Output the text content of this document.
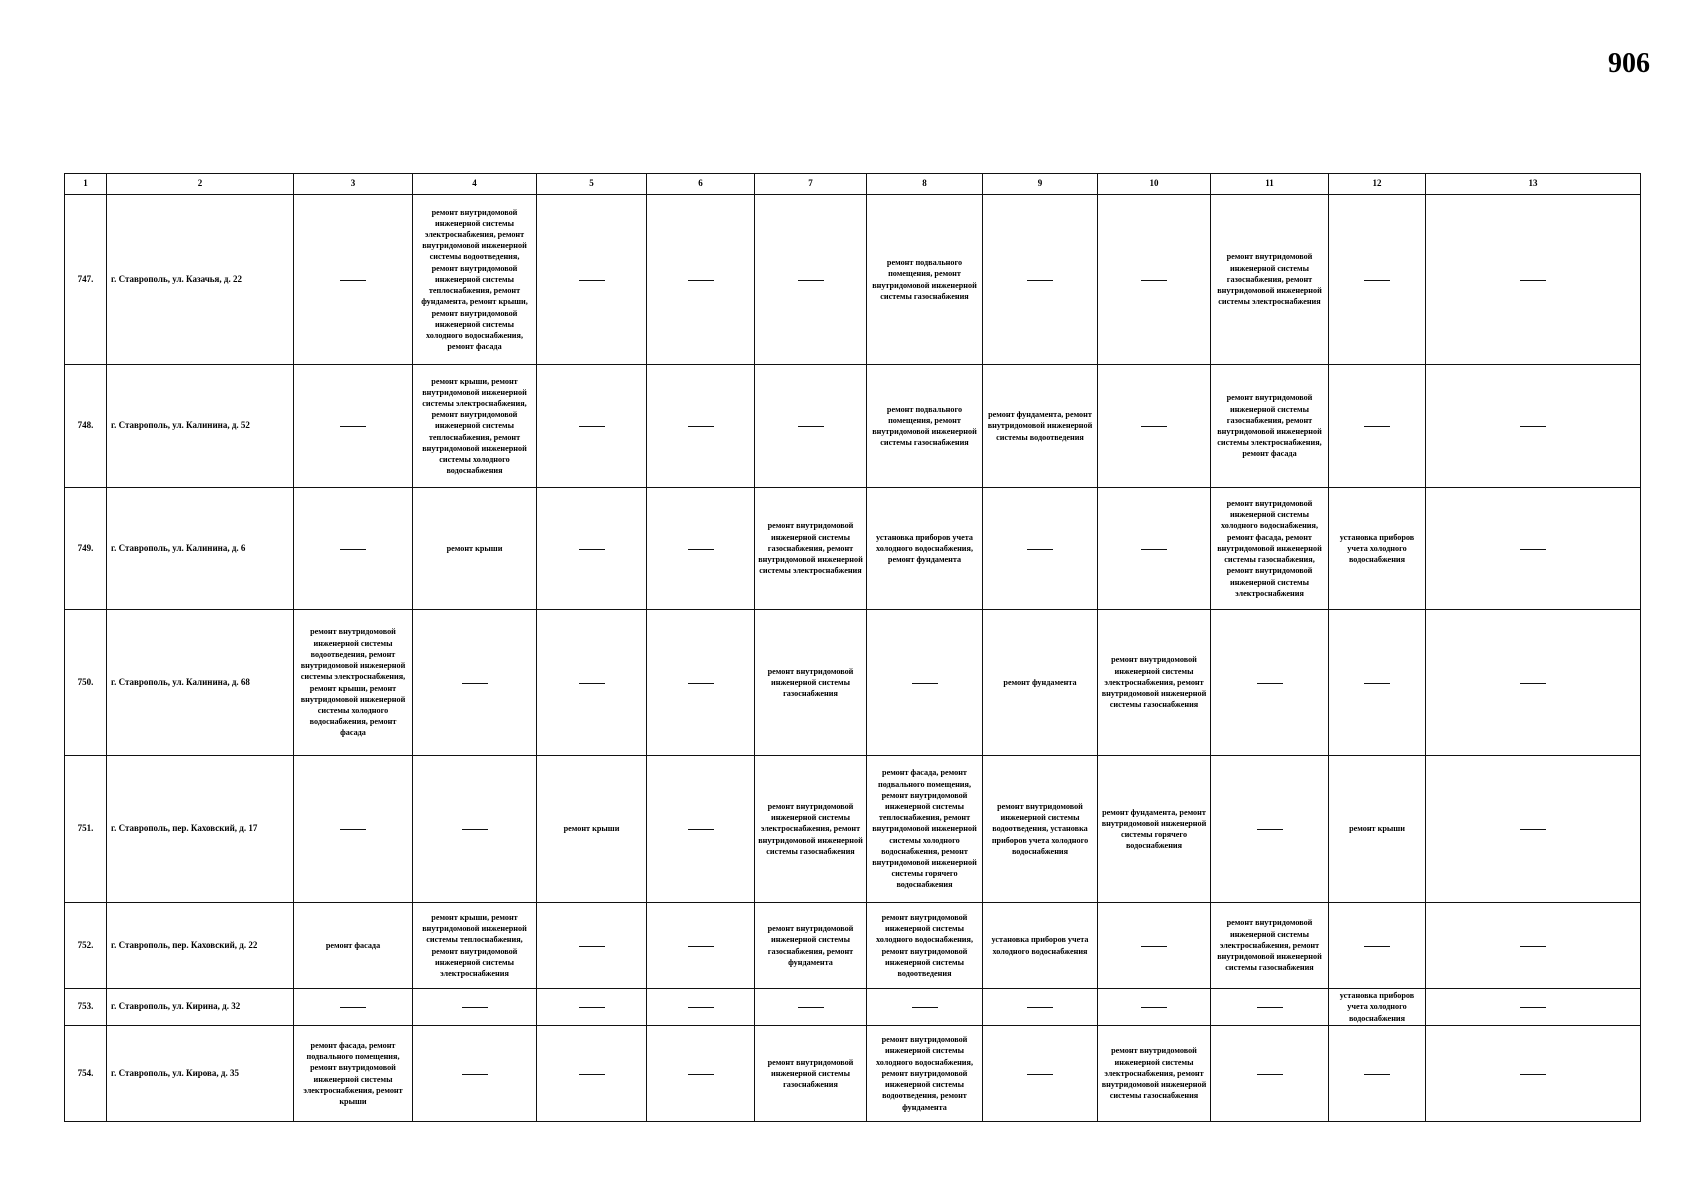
906
1	2	3	4	5	6	7	8	9	10	11	12	13
747.	г. Ставрополь, ул. Казачья, д. 22		ремонт внутридомовой инженерной системы электроснабжения, ремонт внутридомовой инженерной системы водоотведения, ремонт внутридомовой инженерной системы теплоснабжения, ремонт фундамента, ремонт крыши, ремонт внутридомовой инженерной системы холодного водоснабжения, ремонт фасада				ремонт подвального помещения, ремонт внутридомовой инженерной системы газоснабжения			ремонт внутридомовой инженерной системы газоснабжения, ремонт внутридомовой инженерной системы электроснабжения		
748.	г. Ставрополь, ул. Калинина, д. 52		ремонт крыши, ремонт внутридомовой инженерной системы электроснабжения, ремонт внутридомовой инженерной системы теплоснабжения, ремонт внутридомовой инженерной системы холодного водоснабжения				ремонт подвального помещения, ремонт внутридомовой инженерной системы газоснабжения	ремонт фундамента, ремонт внутридомовой инженерной системы водоотведения		ремонт внутридомовой инженерной системы газоснабжения, ремонт внутридомовой инженерной системы электроснабжения, ремонт фасада		
749.	г. Ставрополь, ул. Калинина, д. 6		ремонт крыши			ремонт внутридомовой инженерной системы газоснабжения, ремонт внутридомовой инженерной системы электроснабжения	установка приборов учета холодного водоснабжения, ремонт фундамента			ремонт внутридомовой инженерной системы холодного водоснабжения, ремонт фасада, ремонт внутридомовой инженерной системы газоснабжения, ремонт внутридомовой инженерной системы электроснабжения	установка приборов учета холодного водоснабжения	
750.	г. Ставрополь, ул. Калинина, д. 68	ремонт внутридомовой инженерной системы водоотведения, ремонт внутридомовой инженерной системы электроснабжения, ремонт крыши, ремонт внутридомовой инженерной системы холодного водоснабжения, ремонт фасада				ремонт внутридомовой инженерной системы газоснабжения		ремонт фундамента	ремонт внутридомовой инженерной системы электроснабжения, ремонт внутридомовой инженерной системы газоснабжения			
751.	г. Ставрополь, пер. Каховский, д. 17			ремонт крыши		ремонт внутридомовой инженерной системы электроснабжения, ремонт внутридомовой инженерной системы газоснабжения	ремонт фасада, ремонт подвального помещения, ремонт внутридомовой инженерной системы теплоснабжения, ремонт внутридомовой инженерной системы холодного водоснабжения, ремонт внутридомовой инженерной системы горячего водоснабжения	ремонт внутридомовой инженерной системы водоотведения, установка приборов учета холодного водоснабжения	ремонт фундамента, ремонт внутридомовой инженерной системы горячего водоснабжения		ремонт крыши	
752.	г. Ставрополь, пер. Каховский, д. 22	ремонт фасада	ремонт крыши, ремонт внутридомовой инженерной системы теплоснабжения, ремонт внутридомовой инженерной системы электроснабжения			ремонт внутридомовой инженерной системы газоснабжения, ремонт фундамента	ремонт внутридомовой инженерной системы холодного водоснабжения, ремонт внутридомовой инженерной системы водоотведения	установка приборов учета холодного водоснабжения		ремонт внутридомовой инженерной системы электроснабжения, ремонт внутридомовой инженерной системы газоснабжения		
753.	г. Ставрополь, ул. Кирина, д. 32										установка приборов учета холодного водоснабжения	
754.	г. Ставрополь, ул. Кирова, д. 35	ремонт фасада, ремонт подвального помещения, ремонт внутридомовой инженерной системы электроснабжения, ремонт крыши				ремонт внутридомовой инженерной системы газоснабжения	ремонт внутридомовой инженерной системы холодного водоснабжения, ремонт внутридомовой инженерной системы водоотведения, ремонт фундамента		ремонт внутридомовой инженерной системы электроснабжения, ремонт внутридомовой инженерной системы газоснабжения			
